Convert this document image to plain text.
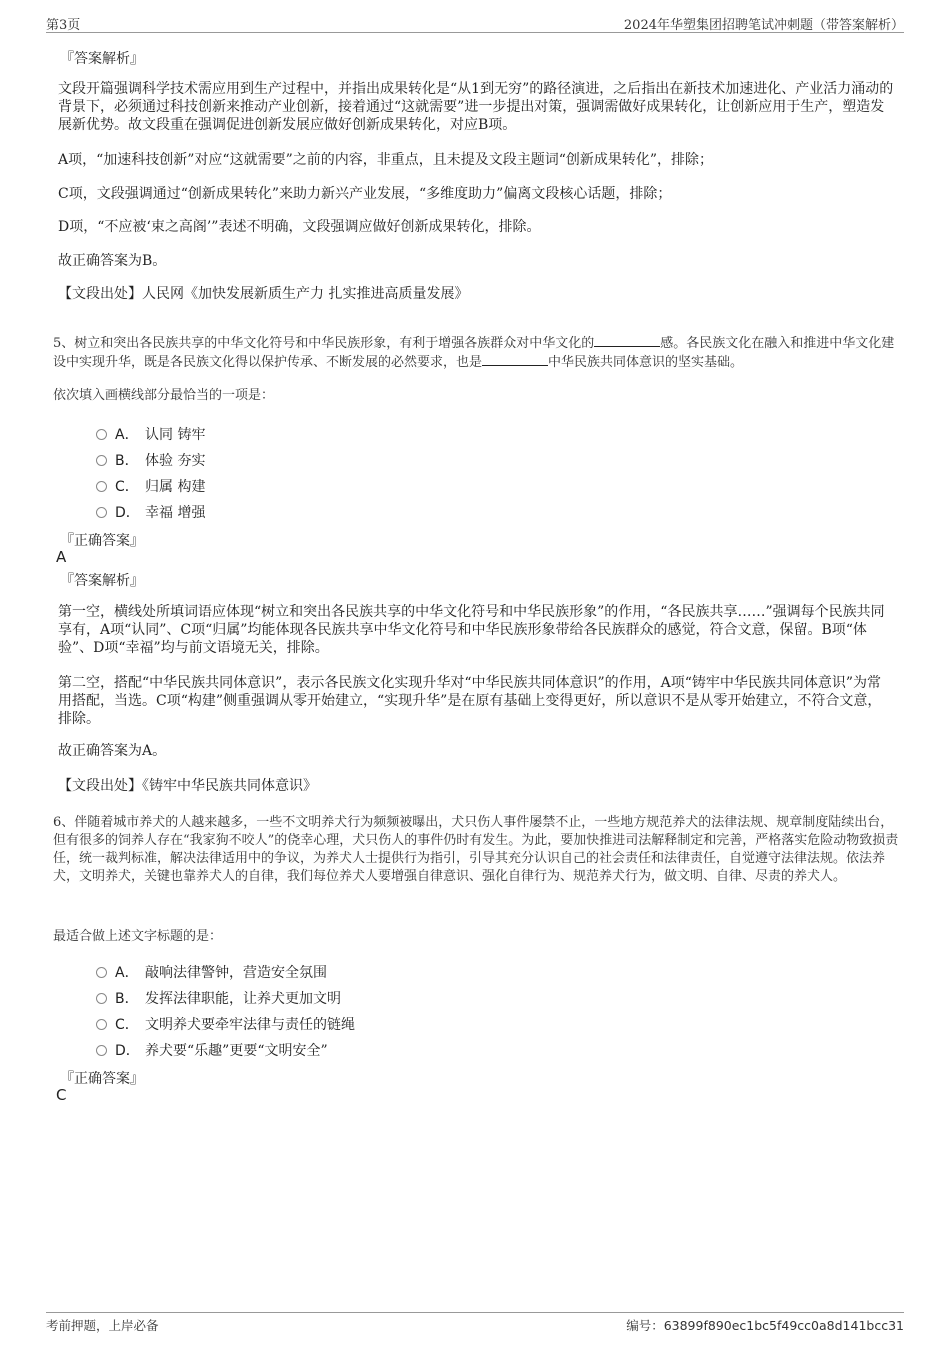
第3页	2024年华塑集团招聘笔试冲刺题（带答案解析）
『答案解析』
文段开篇强调科学技术需应用到生产过程中，并指出成果转化是“从1到无穷”的路径演进，之后指出在新技术加速进化、产业活力涌动的背景下，必须通过科技创新来推动产业创新，接着通过“这就需要”进一步提出对策，强调需做好成果转化，让创新应用于生产，塑造发展新优势。故文段重在强调促进创新发展应做好创新成果转化，对应B项。
A项，“加速科技创新”对应“这就需要”之前的内容，非重点，且未提及文段主题词“创新成果转化”，排除；
C项，文段强调通过“创新成果转化”来助力新兴产业发展，“多维度助力”偏离文段核心话题，排除；
D项，“不应被‘束之高阁’”表述不明确，文段强调应做好创新成果转化，排除。
故正确答案为B。
【文段出处】人民网《加快发展新质生产力 扎实推进高质量发展》
5、树立和突出各民族共享的中华文化符号和中华民族形象，有利于增强各族群众对中华文化的	感。各民族文化在融入和推进中华文化建设中实现升华，既是各民族文化得以保护传承、不断发展的必然要求，也是	中华民族共同体意识的坚实基础。
依次填入画横线部分最恰当的一项是：
A． 认同 铸牢
B． 体验 夯实
C． 归属 构建
D． 幸福 增强
『正确答案』
A
『答案解析』
第一空，横线处所填词语应体现“树立和突出各民族共享的中华文化符号和中华民族形象”的作用，“各民族共享……”强调每个民族共同享有，A项“认同”、C项“归属”均能体现各民族共享中华文化符号和中华民族形象带给各民族群众的感觉，符合文意，保留。B项“体验”、D项“幸福”均与前文语境无关，排除。
第二空，搭配“中华民族共同体意识”，表示各民族文化实现升华对“中华民族共同体意识”的作用，A项“铸牢中华民族共同体意识”为常用搭配，当选。C项“构建”侧重强调从零开始建立，“实现升华”是在原有基础上变得更好，所以意识不是从零开始建立，不符合文意，排除。
故正确答案为A。
【文段出处】《铸牢中华民族共同体意识》
6、伴随着城市养犬的人越来越多，一些不文明养犬行为频频被曝出，犬只伤人事件屡禁不止，一些地方规范养犬的法律法规、规章制度陆续出台，但有很多的饲养人存在“我家狗不咬人”的侥幸心理，犬只伤人的事件仍时有发生。为此，要加快推进司法解释制定和完善，严格落实危险动物致损责任，统一裁判标准，解决法律适用中的争议，为养犬人士提供行为指引，引导其充分认识自己的社会责任和法律责任，自觉遵守法律法规。依法养犬，文明养犬，关键也靠养犬人的自律，我们每位养犬人要增强自律意识、强化自律行为、规范养犬行为，做文明、自律、尽责的养犬人。
最适合做上述文字标题的是：
A． 敲响法律警钟，营造安全氛围
B． 发挥法律职能，让养犬更加文明
C． 文明养犬要牵牢法律与责任的链绳
D． 养犬要“乐趣”更要“文明安全”
『正确答案』
C
考前押题，上岸必备	编号：63899f890ec1bc5f49cc0a8d141bcc31
